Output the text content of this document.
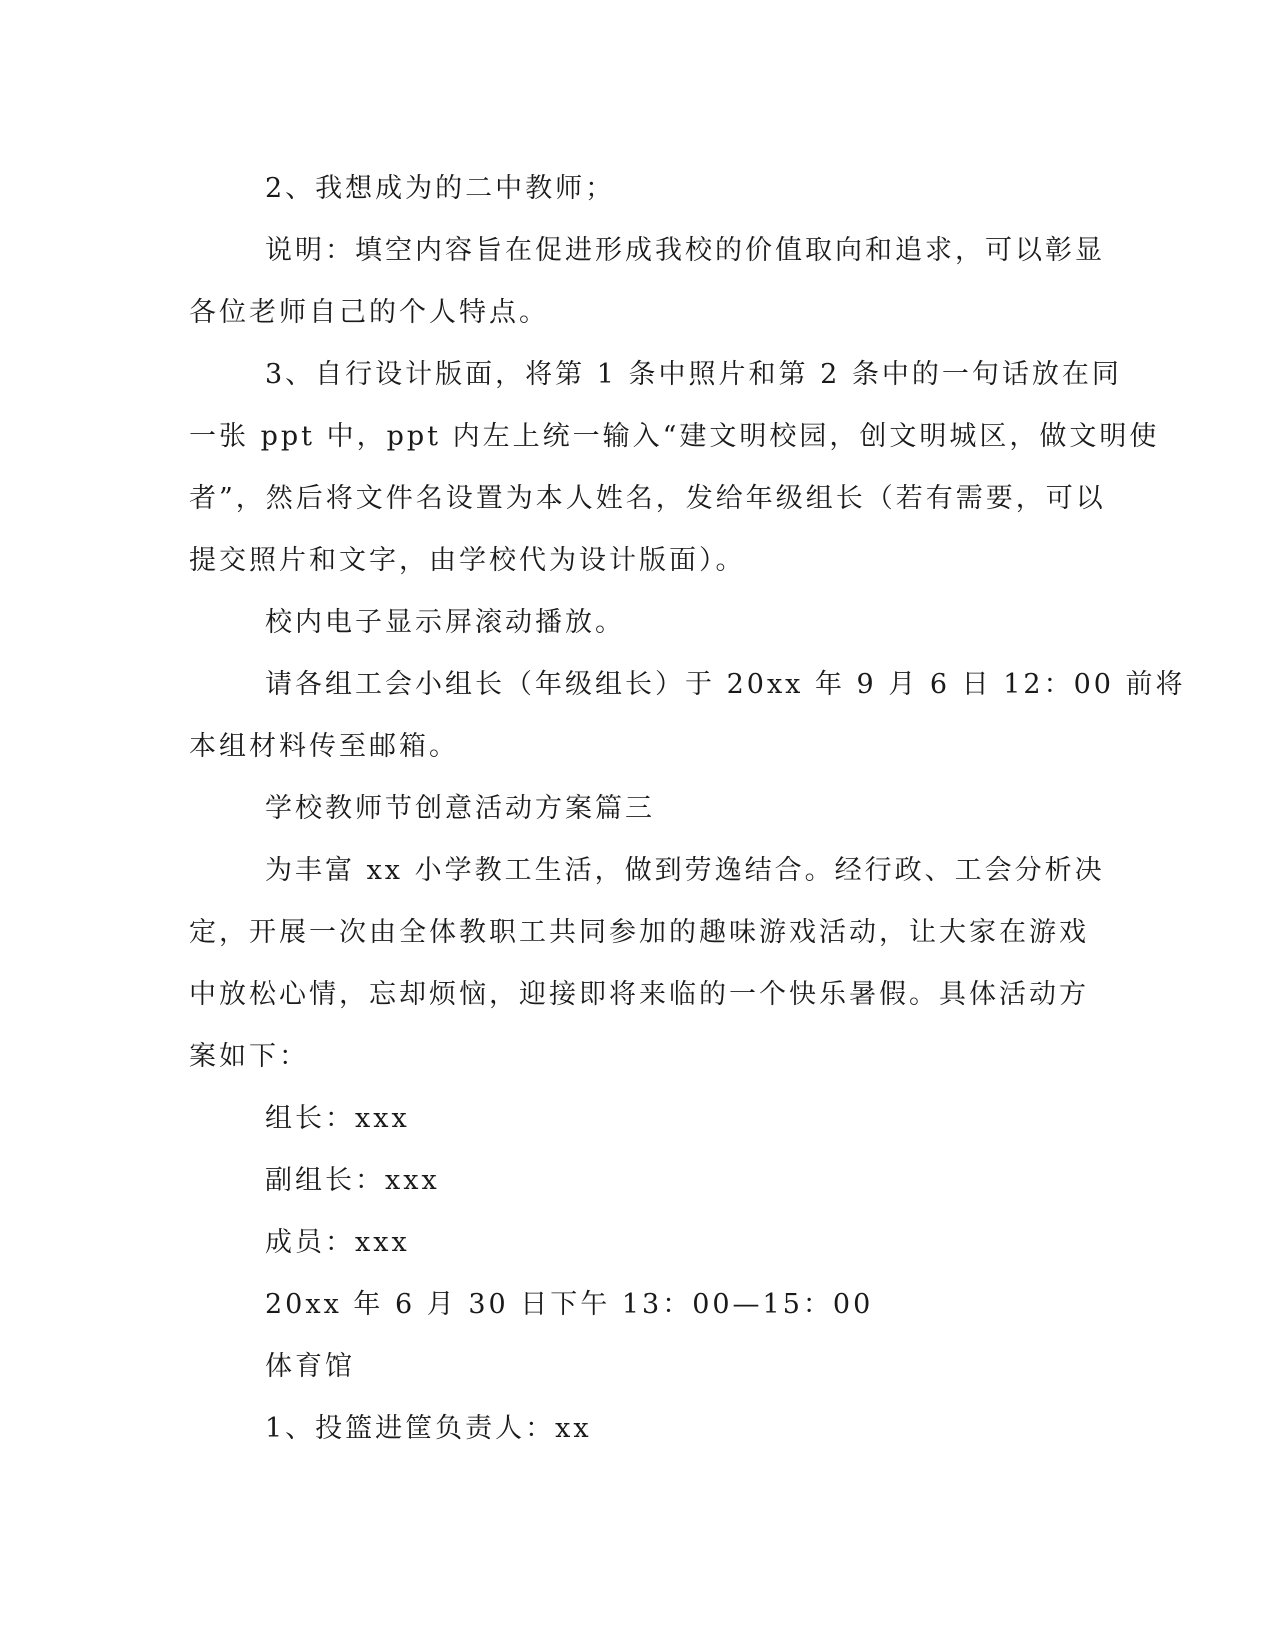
2、我想成为的二中教师；

说明：填空内容旨在促进形成我校的价值取向和追求，可以彰显
各位老师自己的个人特点。

3、自行设计版面，将第 1 条中照片和第 2 条中的一句话放在同
一张 ppt 中，ppt 内左上统一输入“建文明校园，创文明城区，做文明使
者”，然后将文件名设置为本人姓名，发给年级组长（若有需要，可以
提交照片和文字，由学校代为设计版面）。

校内电子显示屏滚动播放。

请各组工会小组长（年级组长）于 20xx 年 9 月 6 日 12：00 前将
本组材料传至邮箱。

学校教师节创意活动方案篇三

为丰富 xx 小学教工生活，做到劳逸结合。经行政、工会分析决
定，开展一次由全体教职工共同参加的趣味游戏活动，让大家在游戏
中放松心情，忘却烦恼，迎接即将来临的一个快乐暑假。具体活动方
案如下：

组长：xxx

副组长：xxx

成员：xxx

20xx 年 6 月 30 日下午 13：00—15：00

体育馆

1、投篮进筐负责人：xx
